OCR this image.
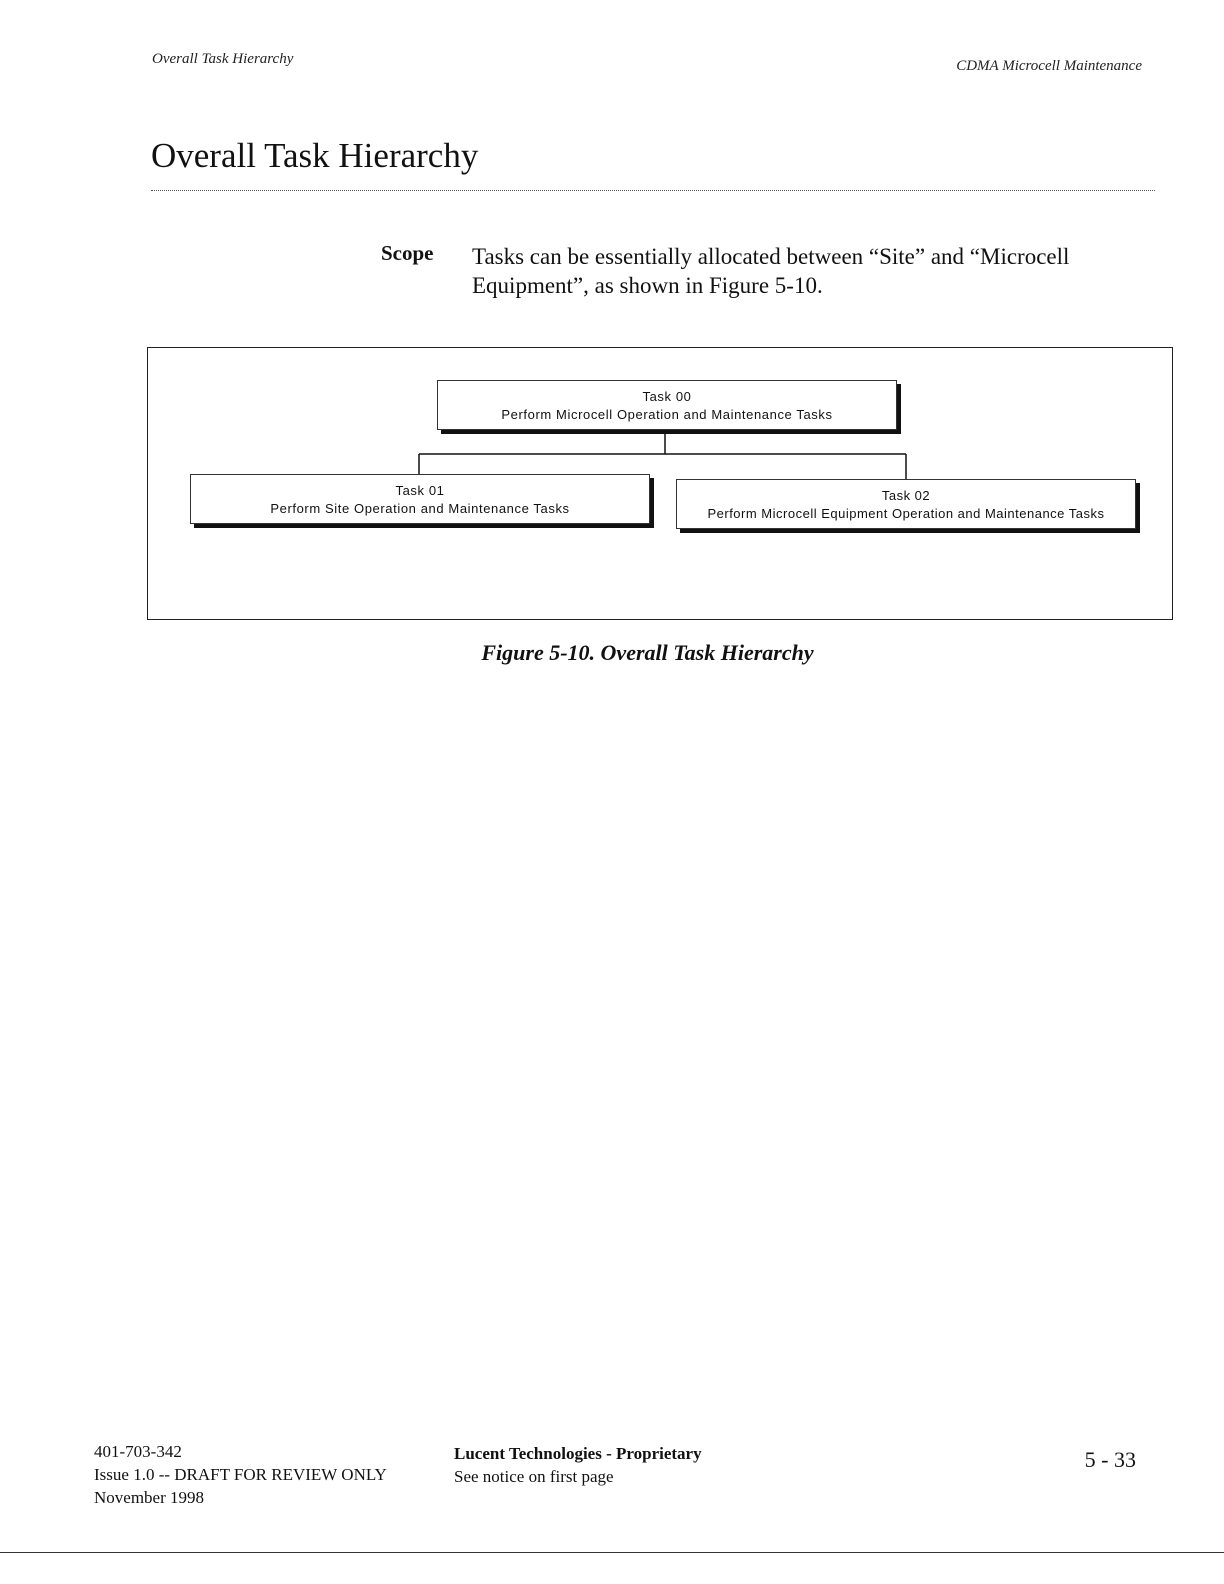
Overall Task Hierarchy	CDMA Microcell Maintenance
Overall Task Hierarchy
Scope Tasks can be essentially allocated between “Site” and “Microcell Equipment”, as shown in Figure 5-10.
Task 00
Perform Microcell Operation and Maintenance Tasks
Task 01
Perform Site Operation and Maintenance Tasks
Task 02
Perform Microcell Equipment Operation and Maintenance Tasks
Figure 5-10. Overall Task Hierarchy
401-703-342
Issue 1.0 -- DRAFT FOR REVIEW ONLY
November 1998
Lucent Technologies - Proprietary
See notice on first page
5 - 33
